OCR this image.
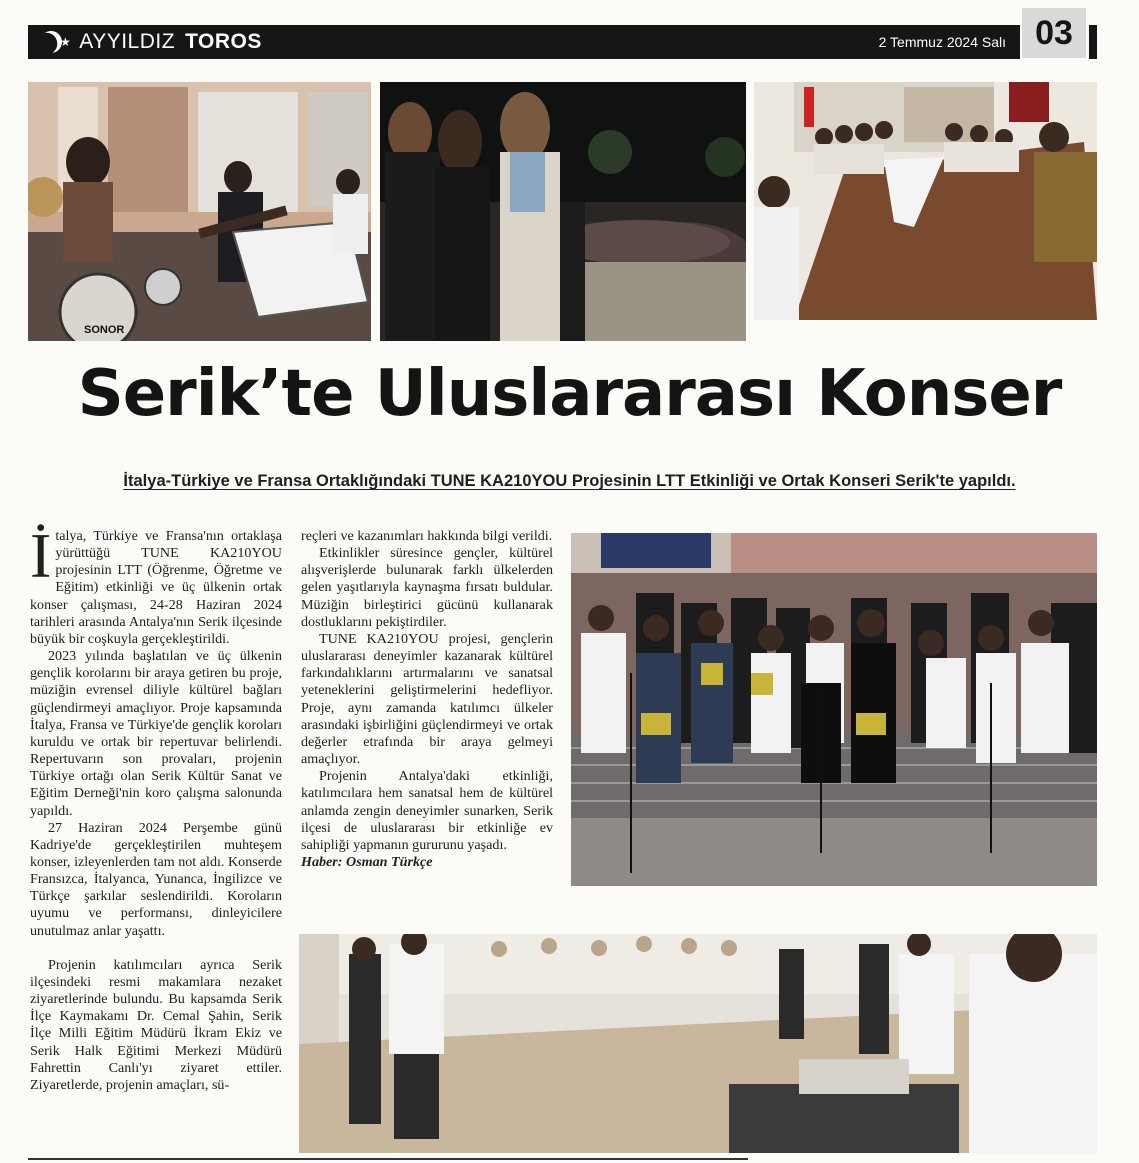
★ AYYILDIZ TOROS	2 Temmuz 2024 Salı 03
SONOR
Serik’te Uluslararası Konser
İtalya-Türkiye ve Fransa Ortaklığındaki TUNE KA210YOU Projesinin LTT Etkinliği ve Ortak Konseri Serik'te yapıldı.

İtalya, Türkiye ve Fransa'nın ortaklaşa yürüttüğü TUNE KA210YOU projesinin LTT (Öğrenme, Öğretme ve Eğitim) etkinliği ve üç ülkenin ortak konser çalışması, 24-28 Haziran 2024 tarihleri arasında Antalya'nın Serik ilçesinde büyük bir coşkuyla gerçekleştirildi.

2023 yılında başlatılan ve üç ülkenin gençlik korolarını bir araya getiren bu proje, müziğin evrensel diliyle kültürel bağları güçlendirmeyi amaçlıyor. Proje kapsamında İtalya, Fransa ve Türkiye'de gençlik koroları kuruldu ve ortak bir repertuvar belirlendi. Repertuvarın son provaları, projenin Türkiye ortağı olan Serik Kültür Sanat ve Eğitim Derneği'nin koro çalışma salonunda yapıldı.

27 Haziran 2024 Perşembe günü Kadriye'de gerçekleştirilen muhteşem konser, izleyenlerden tam not aldı. Konserde Fransızca, İtalyanca, Yunanca, İngilizce ve Türkçe şarkılar seslendirildi. Koroların uyumu ve performansı, dinleyicilere unutulmaz anlar yaşattı.

Projenin katılımcıları ayrıca Serik ilçesindeki resmi makamlara nezaket ziyaretlerinde bulundu. Bu kapsamda Serik İlçe Kaymakamı Dr. Cemal Şahin, Serik İlçe Milli Eğitim Müdürü İkram Ekiz ve Serik Halk Eğitimi Merkezi Müdürü Fahrettin Canlı'yı ziyaret ettiler. Ziyaretlerde, projenin amaçları, sü-

reçleri ve kazanımları hakkında bilgi verildi.

Etkinlikler süresince gençler, kültürel alışverişlerde bulunarak farklı ülkelerden gelen yaşıtlarıyla kaynaşma fırsatı buldular. Müziğin birleştirici gücünü kullanarak dostluklarını pekiştirdiler.

TUNE KA210YOU projesi, gençlerin uluslararası deneyimler kazanarak kültürel farkındalıklarını artırmalarını ve sanatsal yeteneklerini geliştirmelerini hedefliyor. Proje, aynı zamanda katılımcı ülkeler arasındaki işbirliğini güçlendirmeyi ve ortak değerler etrafında bir araya gelmeyi amaçlıyor.

Projenin Antalya'daki etkinliği, katılımcılara hem sanatsal hem de kültürel anlamda zengin deneyimler sunarken, Serik ilçesi de uluslararası bir etkinliğe ev sahipliği yapmanın gururunu yaşadı.

Haber: Osman Türkçe
